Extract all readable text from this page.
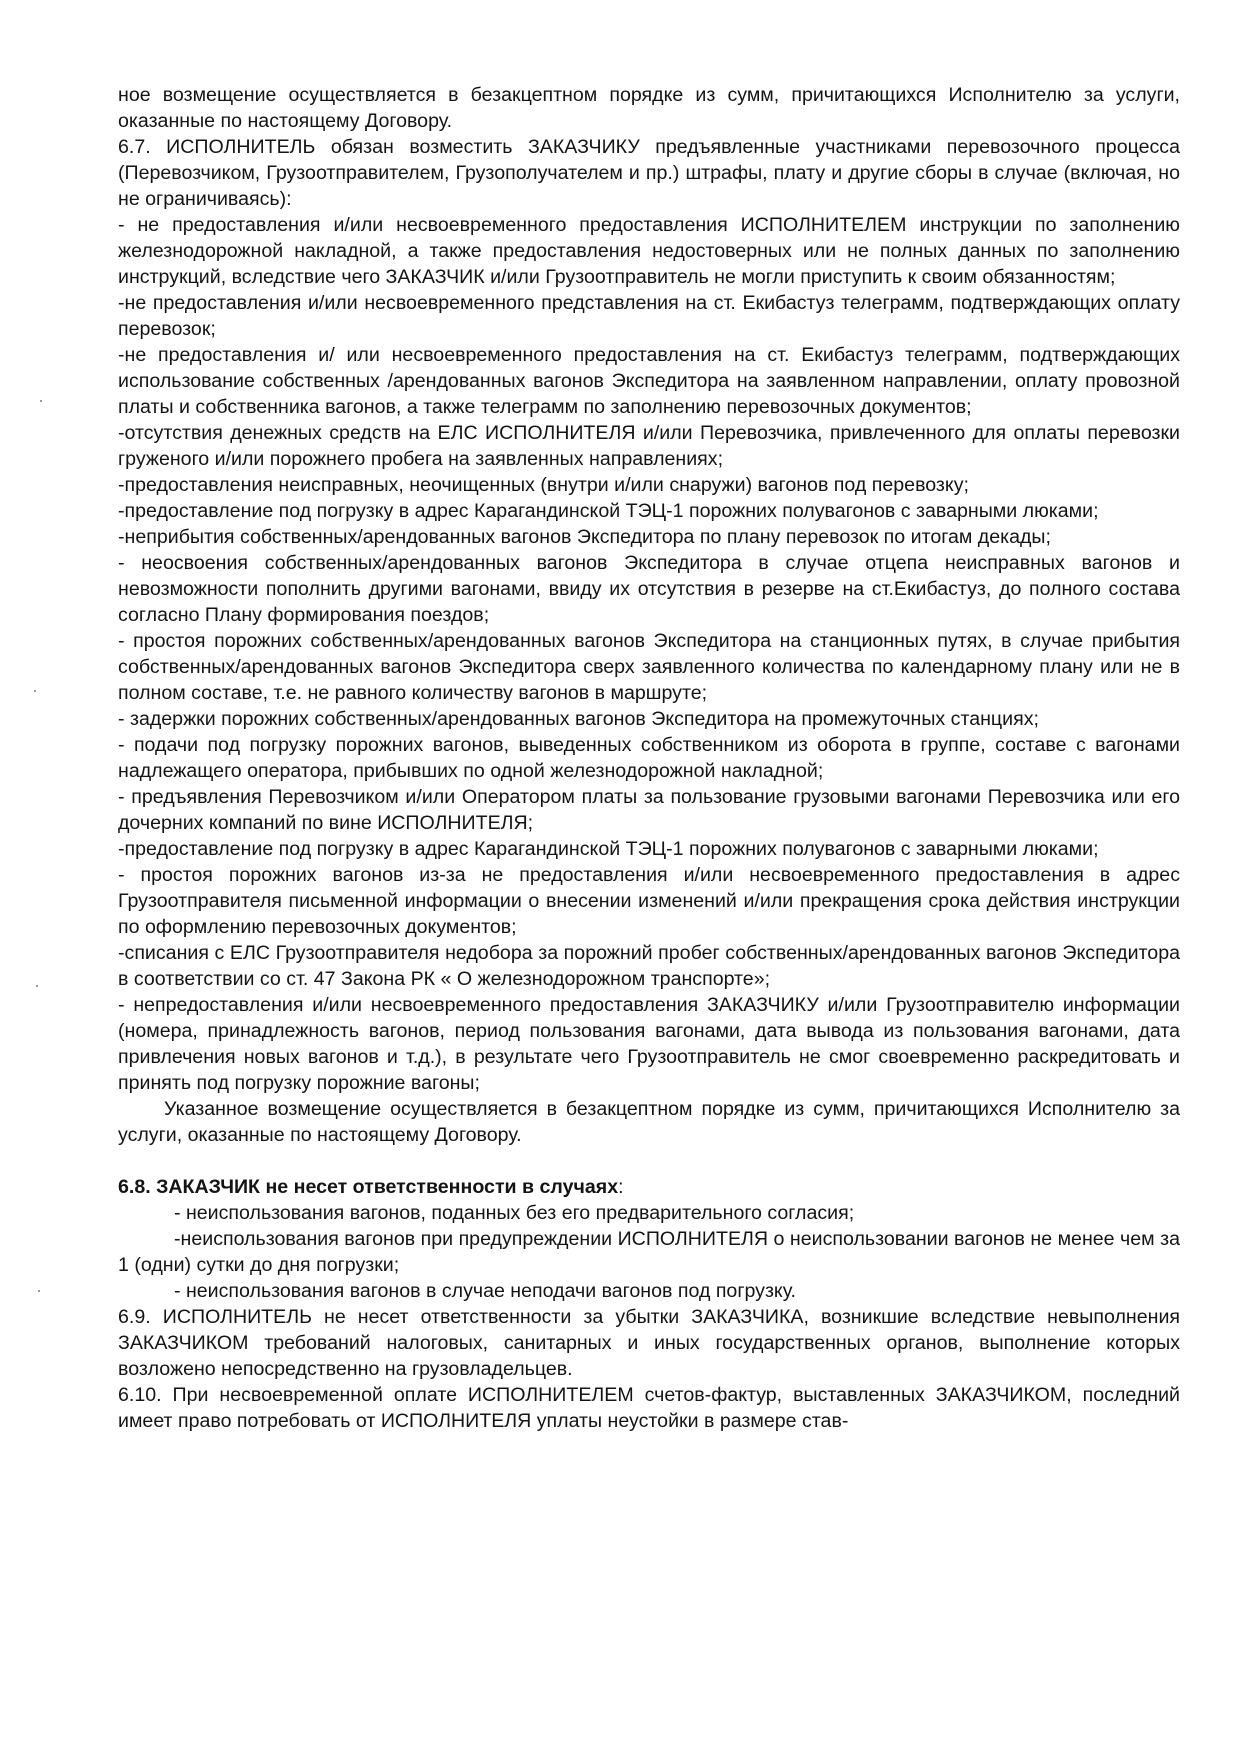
ное возмещение осуществляется в безакцептном порядке из сумм, причитающихся Исполнителю за услуги, оказанные по настоящему Договору.

6.7. ИСПОЛНИТЕЛЬ обязан возместить ЗАКАЗЧИКУ предъявленные участниками перевозочного процесса (Перевозчиком, Грузоотправителем, Грузополучателем и пр.) штрафы, плату и другие сборы в случае (включая, но не ограничиваясь):

- не предоставления и/или несвоевременного предоставления ИСПОЛНИТЕЛЕМ инструкции по заполнению железнодорожной накладной, а также предоставления недостоверных или не полных данных по заполнению инструкций, вследствие чего ЗАКАЗЧИК и/или Грузоотправитель не могли приступить к своим обязанностям;

-не предоставления и/или несвоевременного представления на ст. Екибастуз телеграмм, подтверждающих оплату перевозок;

-не предоставления и/ или несвоевременного предоставления на ст. Екибастуз телеграмм, подтверждающих использование собственных /арендованных вагонов Экспедитора на заявленном направлении, оплату провозной платы и собственника вагонов, а также телеграмм по заполнению перевозочных документов;

-отсутствия денежных средств на ЕЛС ИСПОЛНИТЕЛЯ и/или Перевозчика, привлеченного для оплаты перевозки груженого и/или порожнего пробега на заявленных направлениях;

-предоставления неисправных, неочищенных (внутри и/или снаружи) вагонов под перевозку;

-предоставление под погрузку в адрес Карагандинской ТЭЦ-1 порожних полувагонов с заварными люками;

-неприбытия собственных/арендованных вагонов Экспедитора по плану перевозок по итогам декады;

- неосвоения собственных/арендованных вагонов Экспедитора в случае отцепа неисправных вагонов и невозможности пополнить другими вагонами, ввиду их отсутствия в резерве на ст.Екибастуз, до полного состава согласно Плану формирования поездов;

- простоя порожних собственных/арендованных вагонов Экспедитора на станционных путях, в случае прибытия собственных/арендованных вагонов Экспедитора сверх заявленного количества по календарному плану или не в полном составе, т.е. не равного количеству вагонов в маршруте;

- задержки порожних собственных/арендованных вагонов Экспедитора на промежуточных станциях;

- подачи под погрузку порожних вагонов, выведенных собственником из оборота в группе, составе с вагонами надлежащего оператора, прибывших по одной железнодорожной накладной;

- предъявления Перевозчиком и/или Оператором платы за пользование грузовыми вагонами Перевозчика или его дочерних компаний по вине ИСПОЛНИТЕЛЯ;

-предоставление под погрузку в адрес Карагандинской ТЭЦ-1 порожних полувагонов с заварными люками;

- простоя порожних вагонов из-за не предоставления и/или несвоевременного предоставления в адрес Грузоотправителя письменной информации о внесении изменений и/или прекращения срока действия инструкции по оформлению перевозочных документов;

-списания с ЕЛС Грузоотправителя недобора за порожний пробег собственных/арендованных вагонов Экспедитора в соответствии со ст. 47 Закона РК « О железнодорожном транспорте»;

- непредоставления и/или несвоевременного предоставления ЗАКАЗЧИКУ и/или Грузоотправителю информации (номера, принадлежность вагонов, период пользования вагонами, дата вывода из пользования вагонами, дата привлечения новых вагонов и т.д.), в результате чего Грузоотправитель не смог своевременно раскредитовать и принять под погрузку порожние вагоны;

Указанное возмещение осуществляется в безакцептном порядке из сумм, причитающихся Исполнителю за услуги, оказанные по настоящему Договору.

6.8. ЗАКАЗЧИК не несет ответственности в случаях:

- неиспользования вагонов, поданных без его предварительного согласия;

-неиспользования вагонов при предупреждении ИСПОЛНИТЕЛЯ о неиспользовании вагонов не менее чем за 1 (одни) сутки до дня погрузки;

- неиспользования вагонов в случае неподачи вагонов под погрузку.

6.9. ИСПОЛНИТЕЛЬ не несет ответственности за убытки ЗАКАЗЧИКА, возникшие вследствие невыполнения ЗАКАЗЧИКОМ требований налоговых, санитарных и иных государственных органов, выполнение которых возложено непосредственно на грузовладельцев.

6.10. При несвоевременной оплате ИСПОЛНИТЕЛЕМ счетов-фактур, выставленных ЗАКАЗЧИКОМ, последний имеет право потребовать от ИСПОЛНИТЕЛЯ уплаты неустойки в размере став-
